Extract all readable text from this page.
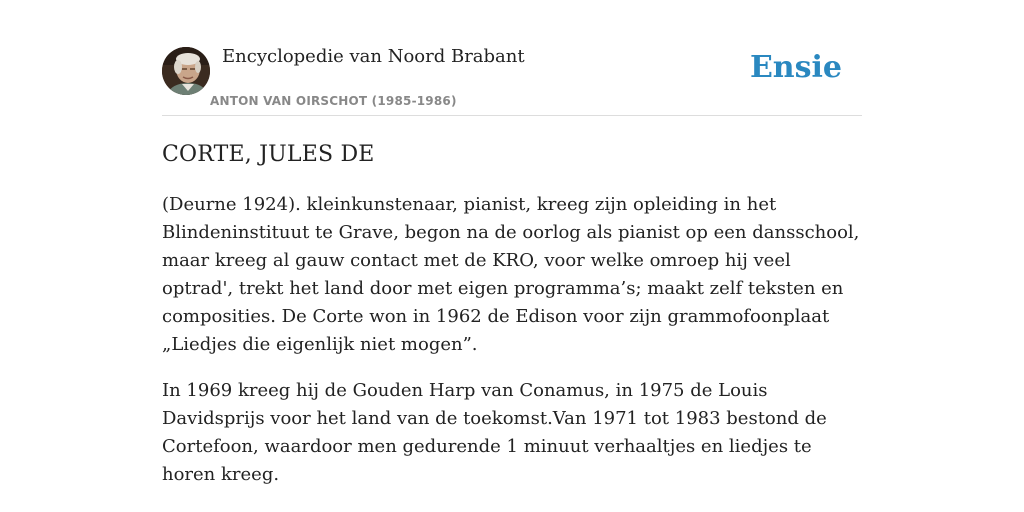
Encyclopedie van Noord Brabant
ANTON VAN OIRSCHOT (1985-1986)
Ensie
CORTE, JULES DE

(Deurne 1924). kleinkunstenaar, pianist, kreeg zijn opleiding in het Blindeninstituut te Grave, begon na de oorlog als pianist op een dansschool, maar kreeg al gauw contact met de KRO, voor welke omroep hij veel optrad', trekt het land door met eigen programma’s; maakt zelf teksten en composities. De Corte won in 1962 de Edison voor zijn grammofoonplaat „Liedjes die eigenlijk niet mogen”.

In 1969 kreeg hij de Gouden Harp van Conamus, in 1975 de Louis Davidsprijs voor het land van de toekomst.Van 1971 tot 1983 bestond de Cortefoon, waardoor men gedurende 1 minuut verhaaltjes en liedjes te horen kreeg.
